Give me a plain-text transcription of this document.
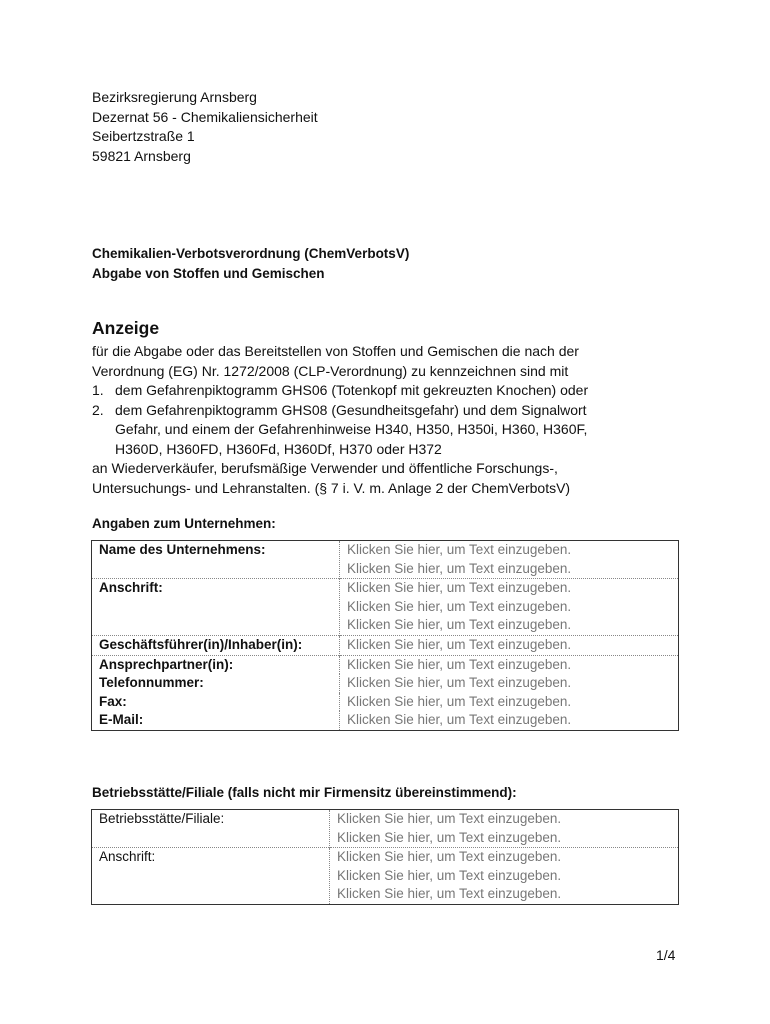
Bezirksregierung Arnsberg
Dezernat 56 - Chemikaliensicherheit
Seibertzstraße 1
59821 Arnsberg
Chemikalien-Verbotsverordnung (ChemVerbotsV)
Abgabe von Stoffen und Gemischen
Anzeige
für die Abgabe oder das Bereitstellen von Stoffen und Gemischen die nach der
Verordnung (EG) Nr. 1272/2008 (CLP-Verordnung) zu kennzeichnen sind mit
1. dem Gefahrenpiktogramm GHS06 (Totenkopf mit gekreuzten Knochen) oder
2. dem Gefahrenpiktogramm GHS08 (Gesundheitsgefahr) und dem Signalwort
Gefahr, und einem der Gefahrenhinweise H340, H350, H350i, H360, H360F,
H360D, H360FD, H360Fd, H360Df, H370 oder H372
an Wiederverkäufer, berufsmäßige Verwender und öffentliche Forschungs-,
Untersuchungs- und Lehranstalten. (§ 7 i. V. m. Anlage 2 der ChemVerbotsV)
Angaben zum Unternehmen:
Name des Unternehmens:	Klicken Sie hier, um Text einzugeben.
Klicken Sie hier, um Text einzugeben.

Anschrift:	Klicken Sie hier, um Text einzugeben.
Klicken Sie hier, um Text einzugeben.
Klicken Sie hier, um Text einzugeben.

Geschäftsführer(in)/Inhaber(in):	Klicken Sie hier, um Text einzugeben.

Ansprechpartner(in):	Klicken Sie hier, um Text einzugeben.

Telefonnummer:	Klicken Sie hier, um Text einzugeben.

Fax:	Klicken Sie hier, um Text einzugeben.

E-Mail:	Klicken Sie hier, um Text einzugeben.
Betriebsstätte/Filiale (falls nicht mir Firmensitz übereinstimmend):
Betriebsstätte/Filiale:	Klicken Sie hier, um Text einzugeben.
Klicken Sie hier, um Text einzugeben.

Anschrift:	Klicken Sie hier, um Text einzugeben.
Klicken Sie hier, um Text einzugeben.
Klicken Sie hier, um Text einzugeben.
1/4
